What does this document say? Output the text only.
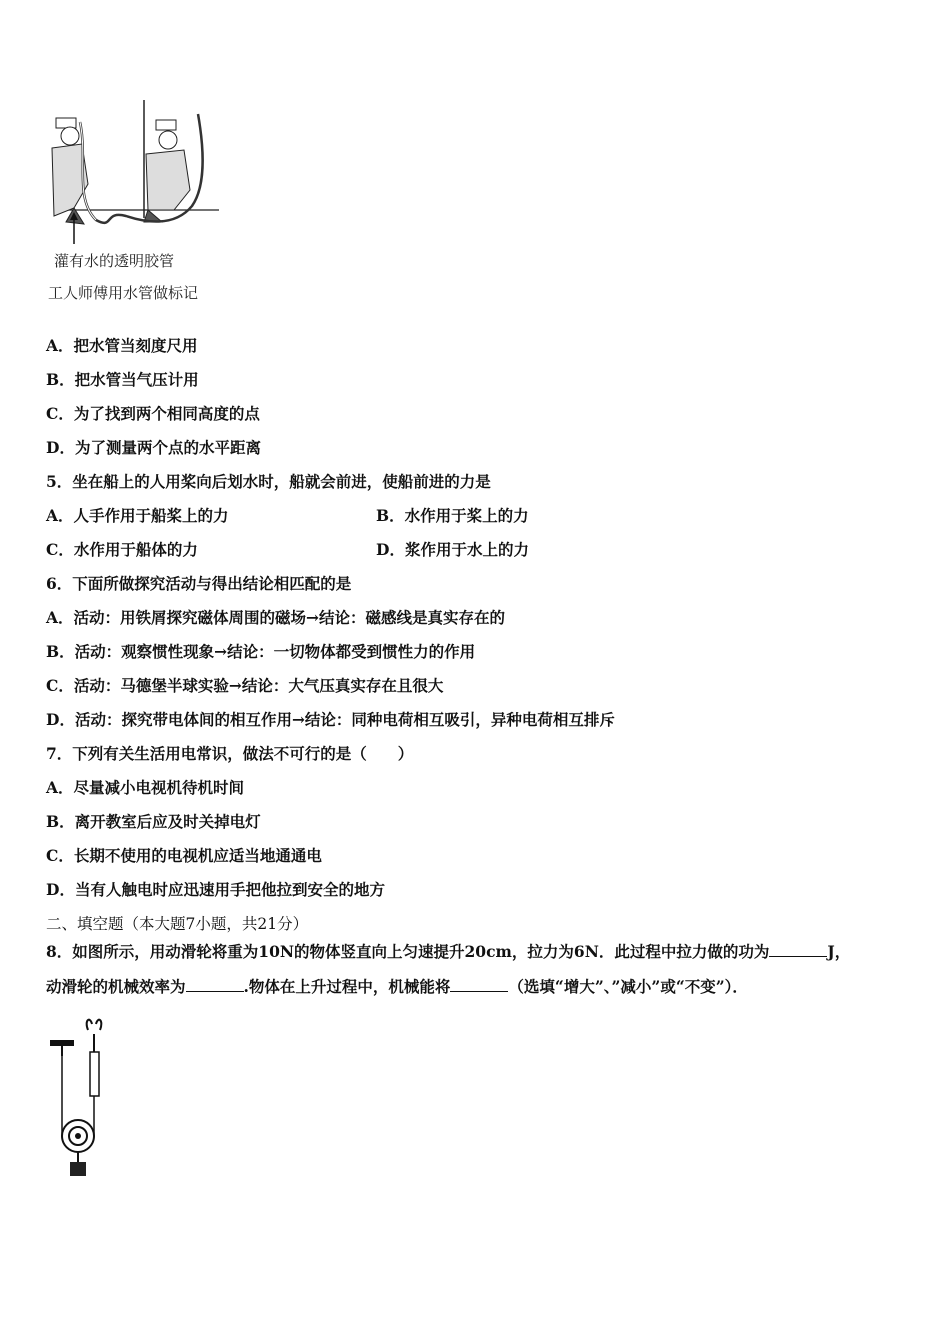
灌有水的透明胶管
工人师傅用水管做标记
A．把水管当刻度尺用
B．把水管当气压计用
C．为了找到两个相同高度的点
D．为了测量两个点的水平距离
5．坐在船上的人用桨向后划水时，船就会前进，使船前进的力是
A．人手作用于船桨上的力	B．水作用于桨上的力
C．水作用于船体的力	D．浆作用于水上的力
6．下面所做探究活动与得出结论相匹配的是
A．活动：用铁屑探究磁体周围的磁场→结论：磁感线是真实存在的
B．活动：观察惯性现象→结论：一切物体都受到惯性力的作用
C．活动：马德堡半球实验→结论：大气压真实存在且很大
D．活动：探究带电体间的相互作用→结论：同种电荷相互吸引，异种电荷相互排斥
7．下列有关生活用电常识，做法不可行的是（　　）
A．尽量减小电视机待机时间
B．离开教室后应及时关掉电灯
C．长期不使用的电视机应适当地通通电
D．当有人触电时应迅速用手把他拉到安全的地方
二、填空题（本大题7小题，共21分）
8．如图所示，用动滑轮将重为10N的物体竖直向上匀速提升20cm，拉力为6N．此过程中拉力做的功为	J，
动滑轮的机械效率为	.物体在上升过程中，机械能将	（选填“增大”、”减小”或“不变”）．
